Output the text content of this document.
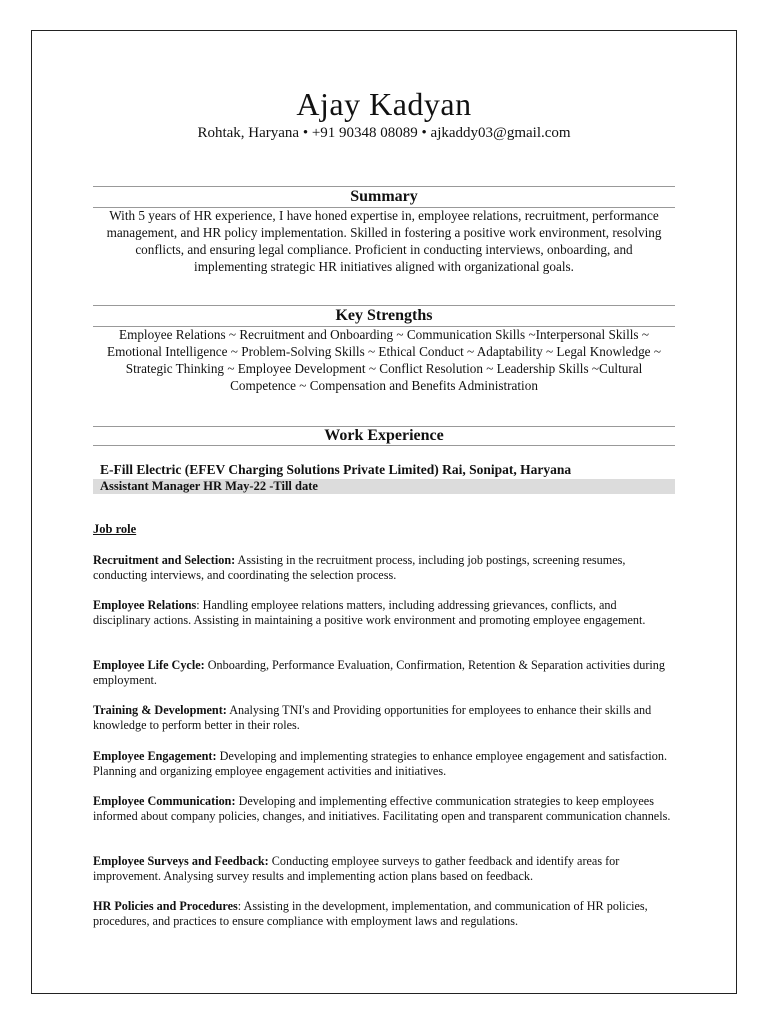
Ajay Kadyan
Rohtak, Haryana • +91 90348 08089 • ajkaddy03@gmail.com
Summary
With 5 years of HR experience, I have honed expertise in, employee relations, recruitment, performance management, and HR policy implementation. Skilled in fostering a positive work environment, resolving conflicts, and ensuring legal compliance. Proficient in conducting interviews, onboarding, and implementing strategic HR initiatives aligned with organizational goals.
Key Strengths
Employee Relations ~ Recruitment and Onboarding ~ Communication Skills ~Interpersonal Skills ~ Emotional Intelligence ~ Problem-Solving Skills ~ Ethical Conduct ~ Adaptability ~ Legal Knowledge ~ Strategic Thinking ~ Employee Development ~ Conflict Resolution ~ Leadership Skills ~Cultural Competence ~ Compensation and Benefits Administration
Work Experience
E-Fill Electric (EFEV Charging Solutions Private Limited) Rai, Sonipat, Haryana
Assistant Manager HR May-22 -Till date
Job role
Recruitment and Selection: Assisting in the recruitment process, including job postings, screening resumes, conducting interviews, and coordinating the selection process.
Employee Relations: Handling employee relations matters, including addressing grievances, conflicts, and disciplinary actions. Assisting in maintaining a positive work environment and promoting employee engagement.
Employee Life Cycle: Onboarding, Performance Evaluation, Confirmation, Retention & Separation activities during employment.
Training & Development: Analysing TNI's and Providing opportunities for employees to enhance their skills and knowledge to perform better in their roles.
Employee Engagement: Developing and implementing strategies to enhance employee engagement and satisfaction. Planning and organizing employee engagement activities and initiatives.
Employee Communication: Developing and implementing effective communication strategies to keep employees informed about company policies, changes, and initiatives. Facilitating open and transparent communication channels.
Employee Surveys and Feedback: Conducting employee surveys to gather feedback and identify areas for improvement. Analysing survey results and implementing action plans based on feedback.
HR Policies and Procedures: Assisting in the development, implementation, and communication of HR policies, procedures, and practices to ensure compliance with employment laws and regulations.
